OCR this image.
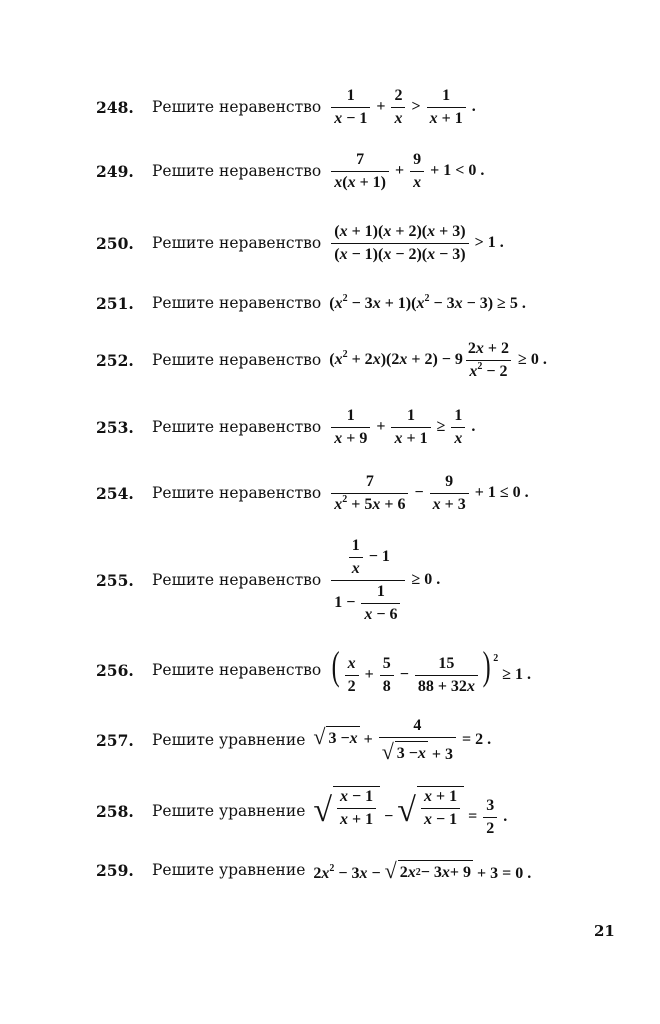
248.	Решите неравенство $\frac{1}{x - 1} + \frac{2}{x} > \frac{1}{x + 1}$ .
249.	Решите неравенство $\frac{7}{x(x + 1)} + \frac{9}{x} + 1 < 0$ .
250.	Решите неравенство $\frac{(x + 1)(x + 2)(x + 3)}{(x - 1)(x - 2)(x - 3)} > 1$ .
251.	Решите неравенство $(x^2 - 3x + 1)(x^2 - 3x - 3) \ge 5$ .
252.	Решите неравенство $(x^2 + 2x)(2x + 2) - 9 \frac{2x + 2}{x^2 - 2} \ge 0$ .
253.	Решите неравенство $\frac{1}{x + 9} + \frac{1}{x + 1} \ge \frac{1}{x}$ .
254.	Решите неравенство $\frac{7}{x^2 + 5x + 6} - \frac{9}{x + 3} + 1 \le 0$ .
255.	Решите неравенство $\frac{\frac{1}{x} - 1}{1 - \frac{1}{x - 6}} \ge 0$ .
256.	Решите неравенство ( $\frac{x}{2} + \frac{5}{8} - \frac{15}{88 + 32x}$ ) $^2$ ≥ 1 .
257.	Решите уравнение √ $3 - x + \frac{4}{√ 3 - x + 3} = 2$ .
258.	Решите уравнение √ $\frac{x - 1}{x + 1}$ − √ $\frac{x + 1}{x - 1} = \frac{3}{2}$ .
259.	Решите уравнение $2x^2 - 3x$ − √ 2 x 2 − 3 x + 9 + 3 = 0 .
21
